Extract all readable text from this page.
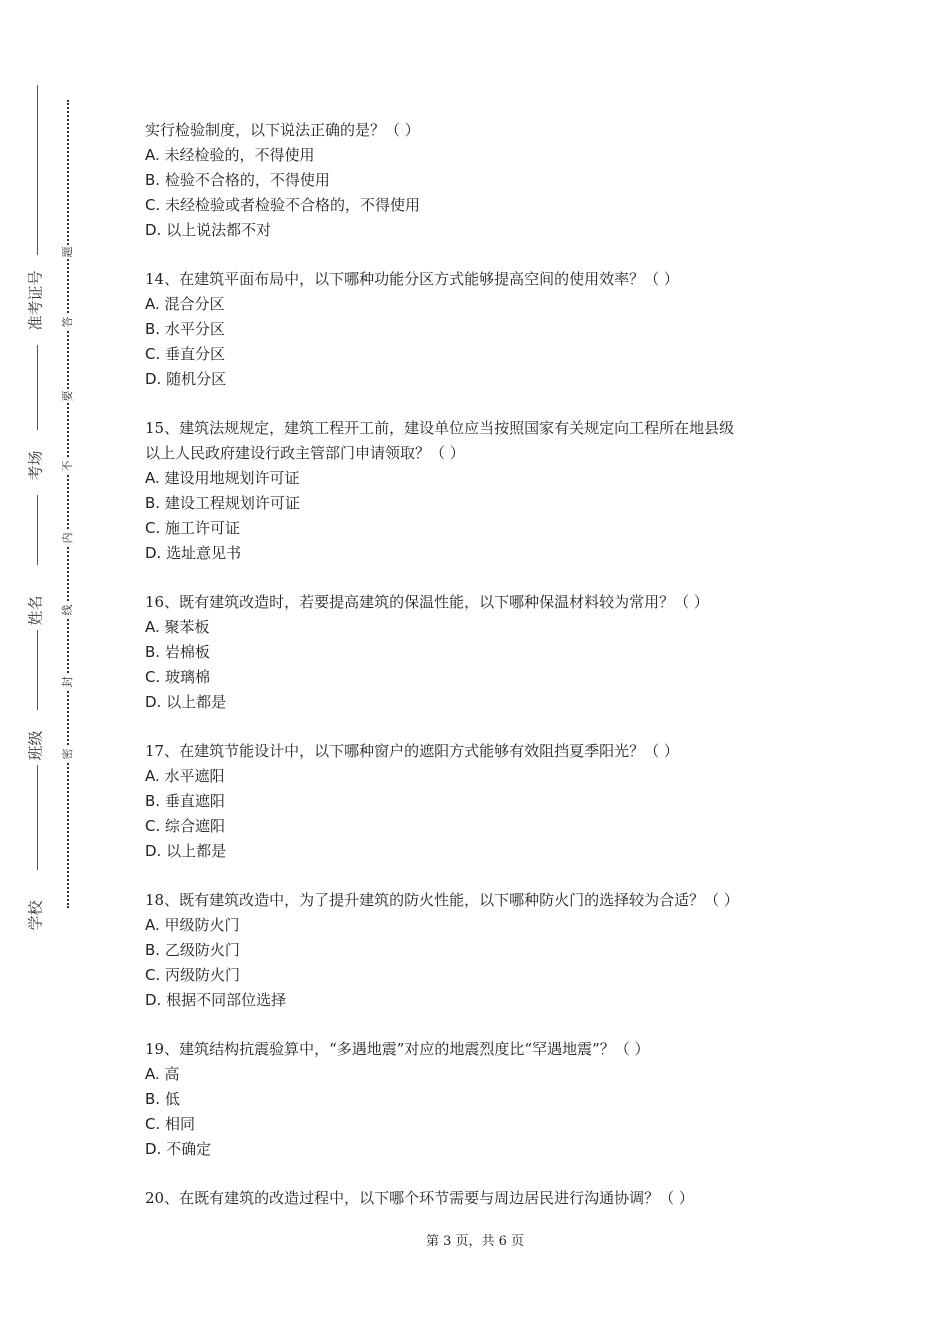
准考证号
考场
姓名
班级
学校
题
答
要
不
内
线
封
密
实行检验制度，以下说法正确的是？（ ）
A. 未经检验的，不得使用
B. 检验不合格的，不得使用
C. 未经检验或者检验不合格的，不得使用
D. 以上说法都不对
14、在建筑平面布局中，以下哪种功能分区方式能够提高空间的使用效率？（ ）
A. 混合分区
B. 水平分区
C. 垂直分区
D. 随机分区
15、建筑法规规定，建筑工程开工前，建设单位应当按照国家有关规定向工程所在地县级
以上人民政府建设行政主管部门申请领取？（ ）
A. 建设用地规划许可证
B. 建设工程规划许可证
C. 施工许可证
D. 选址意见书
16、既有建筑改造时，若要提高建筑的保温性能，以下哪种保温材料较为常用？（ ）
A. 聚苯板
B. 岩棉板
C. 玻璃棉
D. 以上都是
17、在建筑节能设计中，以下哪种窗户的遮阳方式能够有效阻挡夏季阳光？（ ）
A. 水平遮阳
B. 垂直遮阳
C. 综合遮阳
D. 以上都是
18、既有建筑改造中，为了提升建筑的防火性能，以下哪种防火门的选择较为合适？（ ）
A. 甲级防火门
B. 乙级防火门
C. 丙级防火门
D. 根据不同部位选择
19、建筑结构抗震验算中，“多遇地震”对应的地震烈度比“罕遇地震”？（ ）
A. 高
B. 低
C. 相同
D. 不确定
20、在既有建筑的改造过程中，以下哪个环节需要与周边居民进行沟通协调？（ ）
第 3 页，共 6 页
